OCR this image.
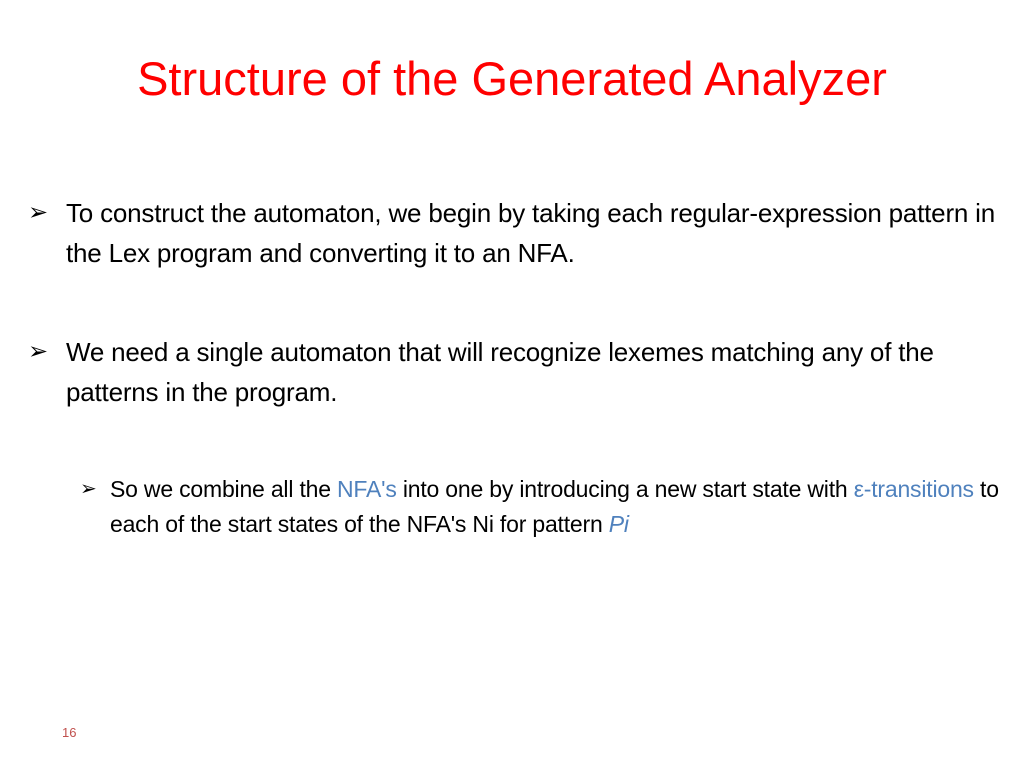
Structure of the Generated Analyzer
➢ To construct the automaton, we begin by taking each regular-expression pattern in the Lex program and converting it to an NFA.
➢ We need a single automaton that will recognize lexemes matching any of the patterns in the program.
➢ So we combine all the NFA's into one by introducing a new start state with ε-transitions to each of the start states of the NFA's Ni for pattern Pi
16
